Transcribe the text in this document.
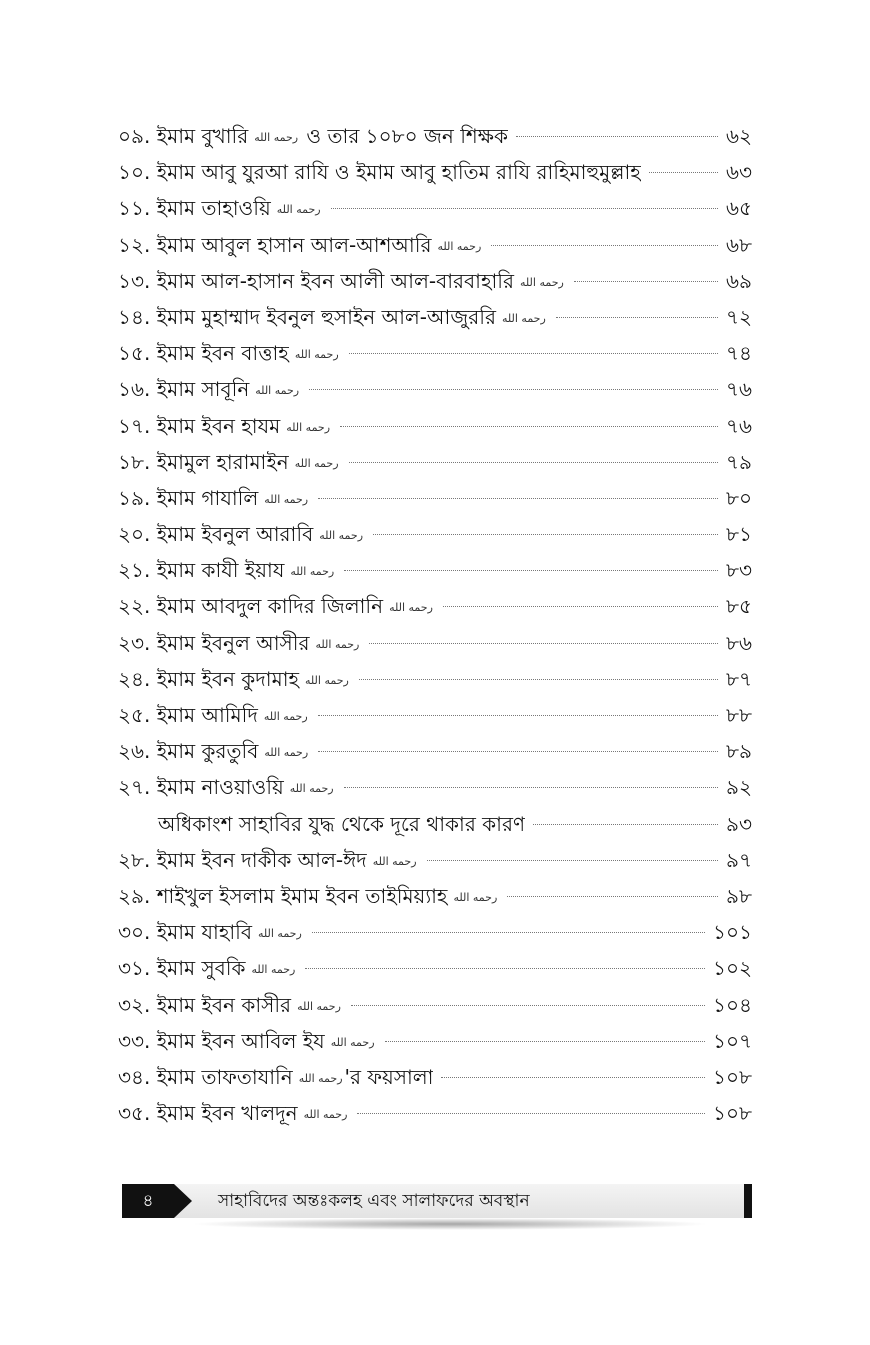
০৯. ইমাম বুখারি رحمه الله ও তার ১০৮০ জন শিক্ষক	৬২
১০. ইমাম আবু যুরআ রাযি ও ইমাম আবু হাতিম রাযি রাহিমাহুমুল্লাহ	৬৩
১১. ইমাম তাহাওয়ি رحمه الله	৬৫
১২. ইমাম আবুল হাসান আল-আশআরি رحمه الله	৬৮
১৩. ইমাম আল-হাসান ইবন আলী আল-বারবাহারি رحمه الله	৬৯
১৪. ইমাম মুহাম্মাদ ইবনুল হুসাইন আল-আজুররি رحمه الله	৭২
১৫. ইমাম ইবন বাত্তাহ رحمه الله	৭৪
১৬. ইমাম সাবূনি رحمه الله	৭৬
১৭. ইমাম ইবন হাযম رحمه الله	৭৬
১৮. ইমামুল হারামাইন رحمه الله	৭৯
১৯. ইমাম গাযালি رحمه الله	৮০
২০. ইমাম ইবনুল আরাবি رحمه الله	৮১
২১. ইমাম কাযী ইয়ায رحمه الله	৮৩
২২. ইমাম আবদুল কাদির জিলানি رحمه الله	৮৫
২৩. ইমাম ইবনুল আসীর رحمه الله	৮৬
২৪. ইমাম ইবন কুদামাহ رحمه الله	৮৭
২৫. ইমাম আমিদি رحمه الله	৮৮
২৬. ইমাম কুরতুবি رحمه الله	৮৯
২৭. ইমাম নাওয়াওয়ি رحمه الله	৯২
অধিকাংশ সাহাবির যুদ্ধ থেকে দূরে থাকার কারণ	৯৩
২৮. ইমাম ইবন দাকীক আল-ঈদ رحمه الله	৯৭
২৯. শাইখুল ইসলাম ইমাম ইবন তাইমিয়্যাহ رحمه الله	৯৮
৩০. ইমাম যাহাবি رحمه الله	১০১
৩১. ইমাম সুবকি رحمه الله	১০২
৩২. ইমাম ইবন কাসীর رحمه الله	১০৪
৩৩. ইমাম ইবন আবিল ইয رحمه الله	১০৭
৩৪. ইমাম তাফতাযানি رحمه الله 'র ফয়সালা	১০৮
৩৫. ইমাম ইবন খালদূন رحمه الله	১০৮
৪	সাহাবিদের অন্তঃকলহ এবং সালাফদের অবস্থান
